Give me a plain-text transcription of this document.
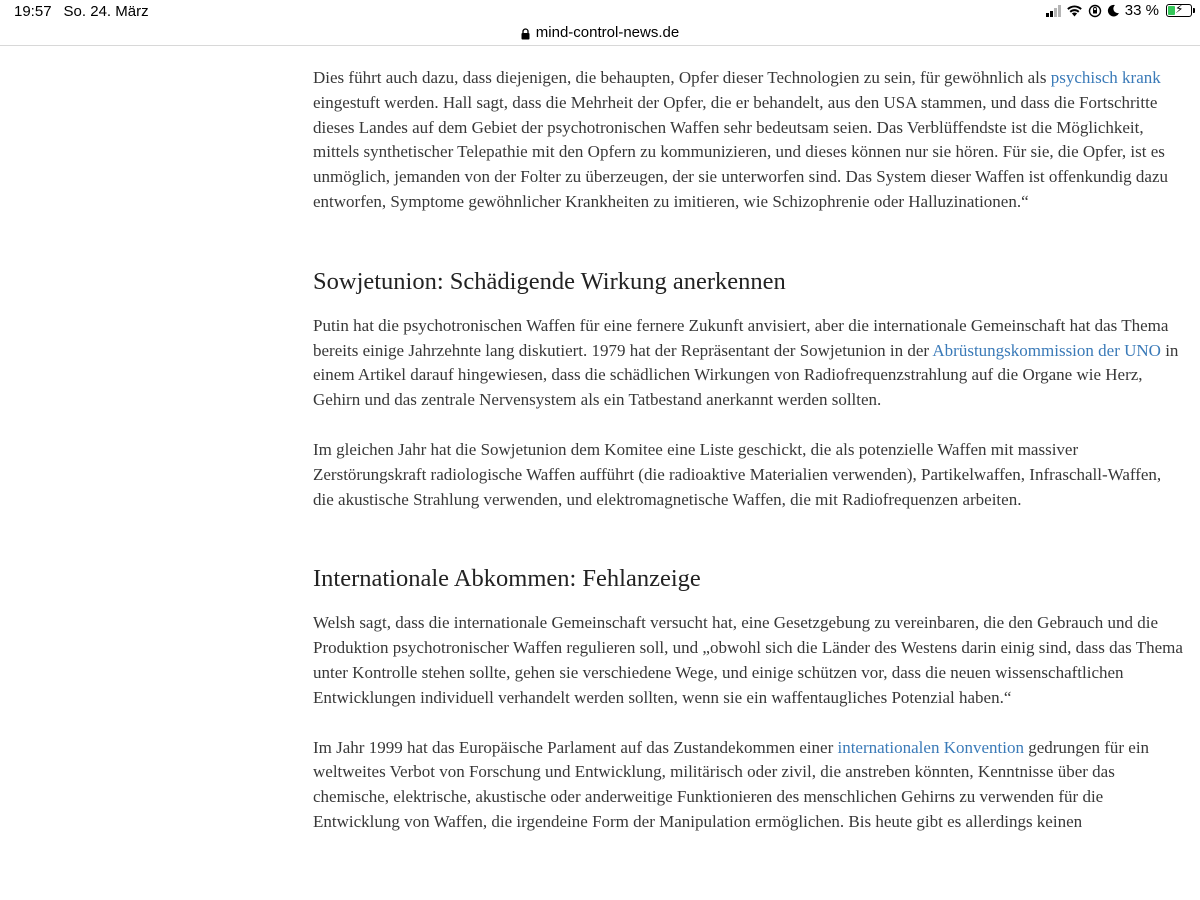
19:57 So. 24. März	33 % ⚡
mind-control-news.de

Dies führt auch dazu, dass diejenigen, die behaupten, Opfer dieser Technologien zu sein, für gewöhnlich als psychisch krank eingestuft werden. Hall sagt, dass die Mehrheit der Opfer, die er behandelt, aus den USA stammen, und dass die Fortschritte dieses Landes auf dem Gebiet der psychotronischen Waffen sehr bedeutsam seien. Das Verblüffendste ist die Möglichkeit, mittels synthetischer Telepathie mit den Opfern zu kommunizieren, und dieses können nur sie hören. Für sie, die Opfer, ist es unmöglich, jemanden von der Folter zu überzeugen, der sie unterworfen sind. Das System dieser Waffen ist offenkundig dazu entworfen, Symptome gewöhnlicher Krankheiten zu imitieren, wie Schizophrenie oder Halluzinationen.“

Sowjetunion: Schädigende Wirkung anerkennen

Putin hat die psychotronischen Waffen für eine fernere Zukunft anvisiert, aber die internationale Gemeinschaft hat das Thema bereits einige Jahrzehnte lang diskutiert. 1979 hat der Repräsentant der Sowjetunion in der Abrüstungskommission der UNO in einem Artikel darauf hingewiesen, dass die schädlichen Wirkungen von Radiofrequenzstrahlung auf die Organe wie Herz, Gehirn und das zentrale Nervensystem als ein Tatbestand anerkannt werden sollten.

Im gleichen Jahr hat die Sowjetunion dem Komitee eine Liste geschickt, die als potenzielle Waffen mit massiver Zerstörungskraft radiologische Waffen aufführt (die radioaktive Materialien verwenden), Partikelwaffen, Infraschall-Waffen, die akustische Strahlung verwenden, und elektromagnetische Waffen, die mit Radiofrequenzen arbeiten.

Internationale Abkommen: Fehlanzeige

Welsh sagt, dass die internationale Gemeinschaft versucht hat, eine Gesetzgebung zu vereinbaren, die den Gebrauch und die Produktion psychotronischer Waffen regulieren soll, und „obwohl sich die Länder des Westens darin einig sind, dass das Thema unter Kontrolle stehen sollte, gehen sie verschiedene Wege, und einige schützen vor, dass die neuen wissenschaftlichen Entwicklungen individuell verhandelt werden sollten, wenn sie ein waffentaugliches Potenzial haben.“

Im Jahr 1999 hat das Europäische Parlament auf das Zustandekommen einer internationalen Konvention gedrungen für ein weltweites Verbot von Forschung und Entwicklung, militärisch oder zivil, die anstreben könnten, Kenntnisse über das chemische, elektrische, akustische oder anderweitige Funktionieren des menschlichen Gehirns zu verwenden für die Entwicklung von Waffen, die irgendeine Form der Manipulation ermöglichen. Bis heute gibt es allerdings keinen
